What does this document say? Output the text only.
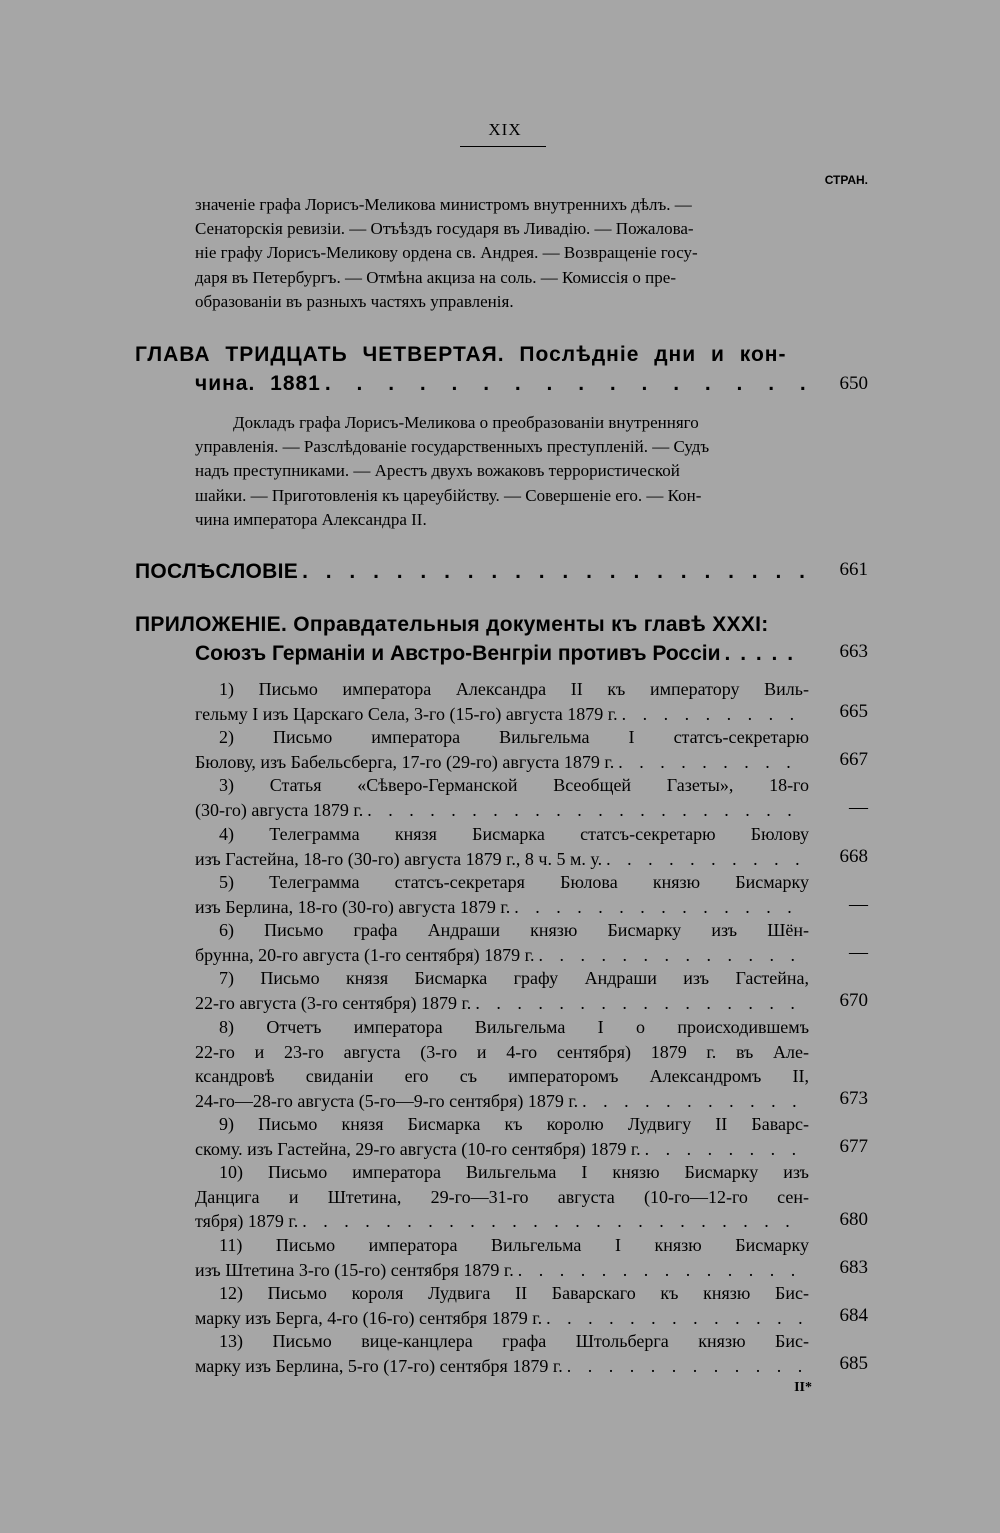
XIX
СТРАН.
значеніе графа Лорисъ-Меликова министромъ внутреннихъ дѣлъ. —
Сенаторскія ревизіи. — Отъѣздъ государя въ Ливадію. — Пожалова-
ніе графу Лорисъ-Меликову ордена св. Андрея. — Возвращеніе госу-
даря въ Петербургъ. — Отмѣна акциза на соль. — Комиссія о пре-
образованіи въ разныхъ частяхъ управленія.
ГЛАВА ТРИДЦАТЬ ЧЕТВЕРТАЯ. Послѣдніе дни и кон-
чина. 1881 . . .	650
Докладъ графа Лорисъ-Меликова о преобразованіи внутренняго
управленія. — Разслѣдованіе государственныхъ преступленій. — Судъ
надъ преступниками. — Арестъ двухъ вожаковъ террористической
шайки. — Приготовленія къ цареубійству. — Совершеніе его. — Кон-
чина императора Александра II.
ПОСЛѢСЛОВІЕ . . .	661
ПРИЛОЖЕНІЕ. Оправдательныя документы къ главѣ XXXI:
Союзъ Германіи и Австро-Венгріи противъ Россіи . . .	663
1) Письмо императора Александра II къ императору Виль-
гельму I изъ Царскаго Села, 3-го (15-го) августа 1879 г. . . .	665
2) Письмо императора Вильгельма I статсъ-секретарю
Бюлову, изъ Бабельсберга, 17-го (29-го) августа 1879 г. . . .	667
3) Статья «Сѣверо-Германской Всеобщей Газеты», 18-го
(30-го) августа 1879 г. . . .	—
4) Телеграмма князя Бисмарка статсъ-секретарю Бюлову
изъ Гастейна, 18-го (30-го) августа 1879 г., 8 ч. 5 м. у. . . .	668
5) Телеграмма статсъ-секретаря Бюлова князю Бисмарку
изъ Берлина, 18-го (30-го) августа 1879 г. . . .	—
6) Письмо графа Андраши князю Бисмарку изъ Шён-
брунна, 20-го августа (1-го сентября) 1879 г. . . .	—
7) Письмо князя Бисмарка графу Андраши изъ Гастейна,
22-го августа (3-го сентября) 1879 г. . . .	670
8) Отчетъ императора Вильгельма I о происходившемъ
22-го и 23-го августа (3-го и 4-го сентября) 1879 г. въ Але-
ксандровѣ свиданіи его съ императоромъ Александромъ II,
24-го—28-го августа (5-го—9-го сентября) 1879 г. . . .	673
9) Письмо князя Бисмарка къ королю Лудвигу II Баварс-
скому. изъ Гастейна, 29-го августа (10-го сентября) 1879 г. . . .	677
10) Письмо императора Вильгельма I князю Бисмарку изъ
Данцига и Штетина, 29-го—31-го августа (10-го—12-го сен-
тября) 1879 г. . . .	680
11) Письмо императора Вильгельма I князю Бисмарку
изъ Штетина 3-го (15-го) сентября 1879 г. . . .	683
12) Письмо короля Лудвига II Баварскаго къ князю Бис-
марку изъ Берга, 4-го (16-го) сентября 1879 г. . . .	684
13) Письмо вице-канцлера графа Штольберга князю Бис-
марку изъ Берлина, 5-го (17-го) сентября 1879 г. . . .	685
II*
